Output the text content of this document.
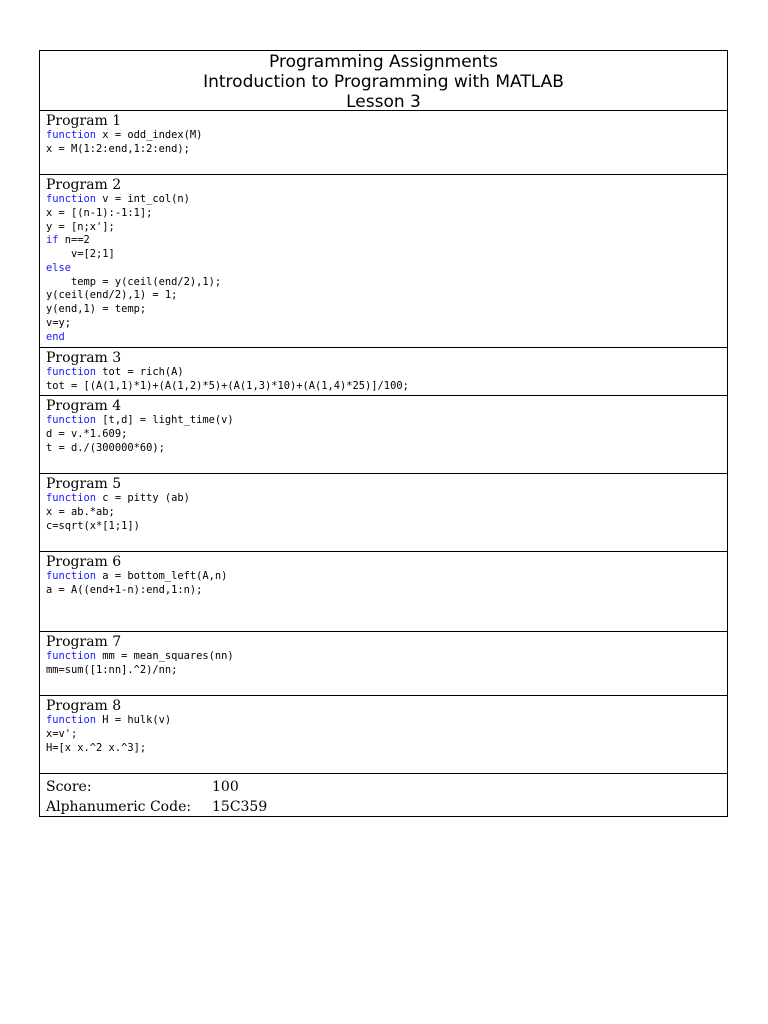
Programming Assignments
Introduction to Programming with MATLAB
Lesson 3
Program 1
function x = odd_index(M)
x = M(1:2:end,1:2:end);
Program 2
function v = int_col(n)
x = [(n-1):-1:1];
y = [n;x'];
if n==2
v=[2;1]
else
temp = y(ceil(end/2),1);
y(ceil(end/2),1) = 1;
y(end,1) = temp;
v=y;
end
Program 3
function tot = rich(A)
tot = [(A(1,1)*1)+(A(1,2)*5)+(A(1,3)*10)+(A(1,4)*25)]/100;
Program 4
function [t,d] = light_time(v)
d = v.*1.609;
t = d./(300000*60);
Program 5
function c = pitty (ab)
x = ab.*ab;
c=sqrt(x*[1;1])
Program 6
function a = bottom_left(A,n)
a = A((end+1-n):end,1:n);
Program 7
function mm = mean_squares(nn)
mm=sum([1:nn].^2)/nn;
Program 8
function H = hulk(v)
x=v';
H=[x x.^2 x.^3];
Score:	100
Alphanumeric Code:	15C359
